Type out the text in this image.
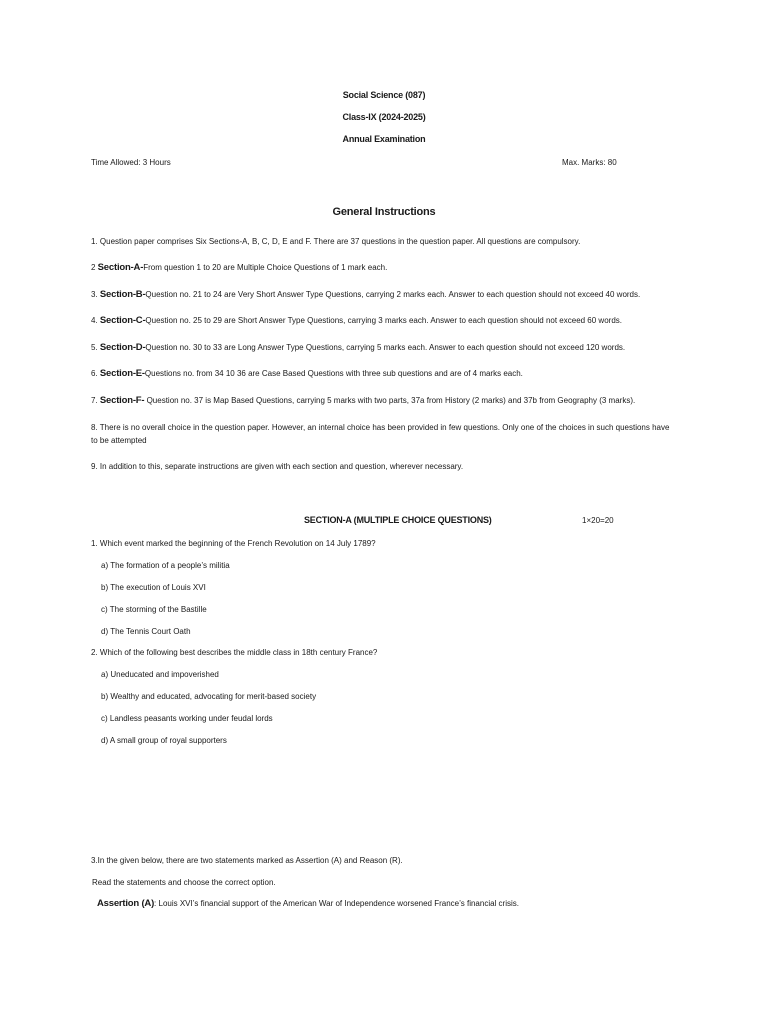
Social Science (087)
Class-IX (2024-2025)
Annual Examination
Time Allowed: 3 Hours	Max. Marks: 80
General Instructions
1. Question paper comprises Six Sections-A, B, C, D, E and F. There are 37 questions in the question paper. All questions are compulsory.
2 Section-A-From question 1 to 20 are Multiple Choice Questions of 1 mark each.
3. Section-B-Question no. 21 to 24 are Very Short Answer Type Questions, carrying 2 marks each. Answer to each question should not exceed 40 words.
4. Section-C-Question no. 25 to 29 are Short Answer Type Questions, carrying 3 marks each. Answer to each question should not exceed 60 words.
5. Section-D-Question no. 30 to 33 are Long Answer Type Questions, carrying 5 marks each. Answer to each question should not exceed 120 words.
6. Section-E-Questions no. from 34 10 36 are Case Based Questions with three sub questions and are of 4 marks each.
7. Section-F- Question no. 37 is Map Based Questions, carrying 5 marks with two parts, 37a from History (2 marks) and 37b from Geography (3 marks).
8. There is no overall choice in the question paper. However, an internal choice has been provided in few questions. Only one of the choices in such questions have to be attempted
9. In addition to this, separate instructions are given with each section and question, wherever necessary.
SECTION-A (MULTIPLE CHOICE QUESTIONS)	1×20=20
1. Which event marked the beginning of the French Revolution on 14 July 1789?
a) The formation of a people’s militia
b) The execution of Louis XVI
c) The storming of the Bastille
d) The Tennis Court Oath
2. Which of the following best describes the middle class in 18th century France?
a) Uneducated and impoverished
b) Wealthy and educated, advocating for merit-based society
c) Landless peasants working under feudal lords
d) A small group of royal supporters
3.In the given below, there are two statements marked as Assertion (A) and Reason (R).
Read the statements and choose the correct option.
Assertion (A): Louis XVI’s financial support of the American War of Independence worsened France’s financial crisis.
